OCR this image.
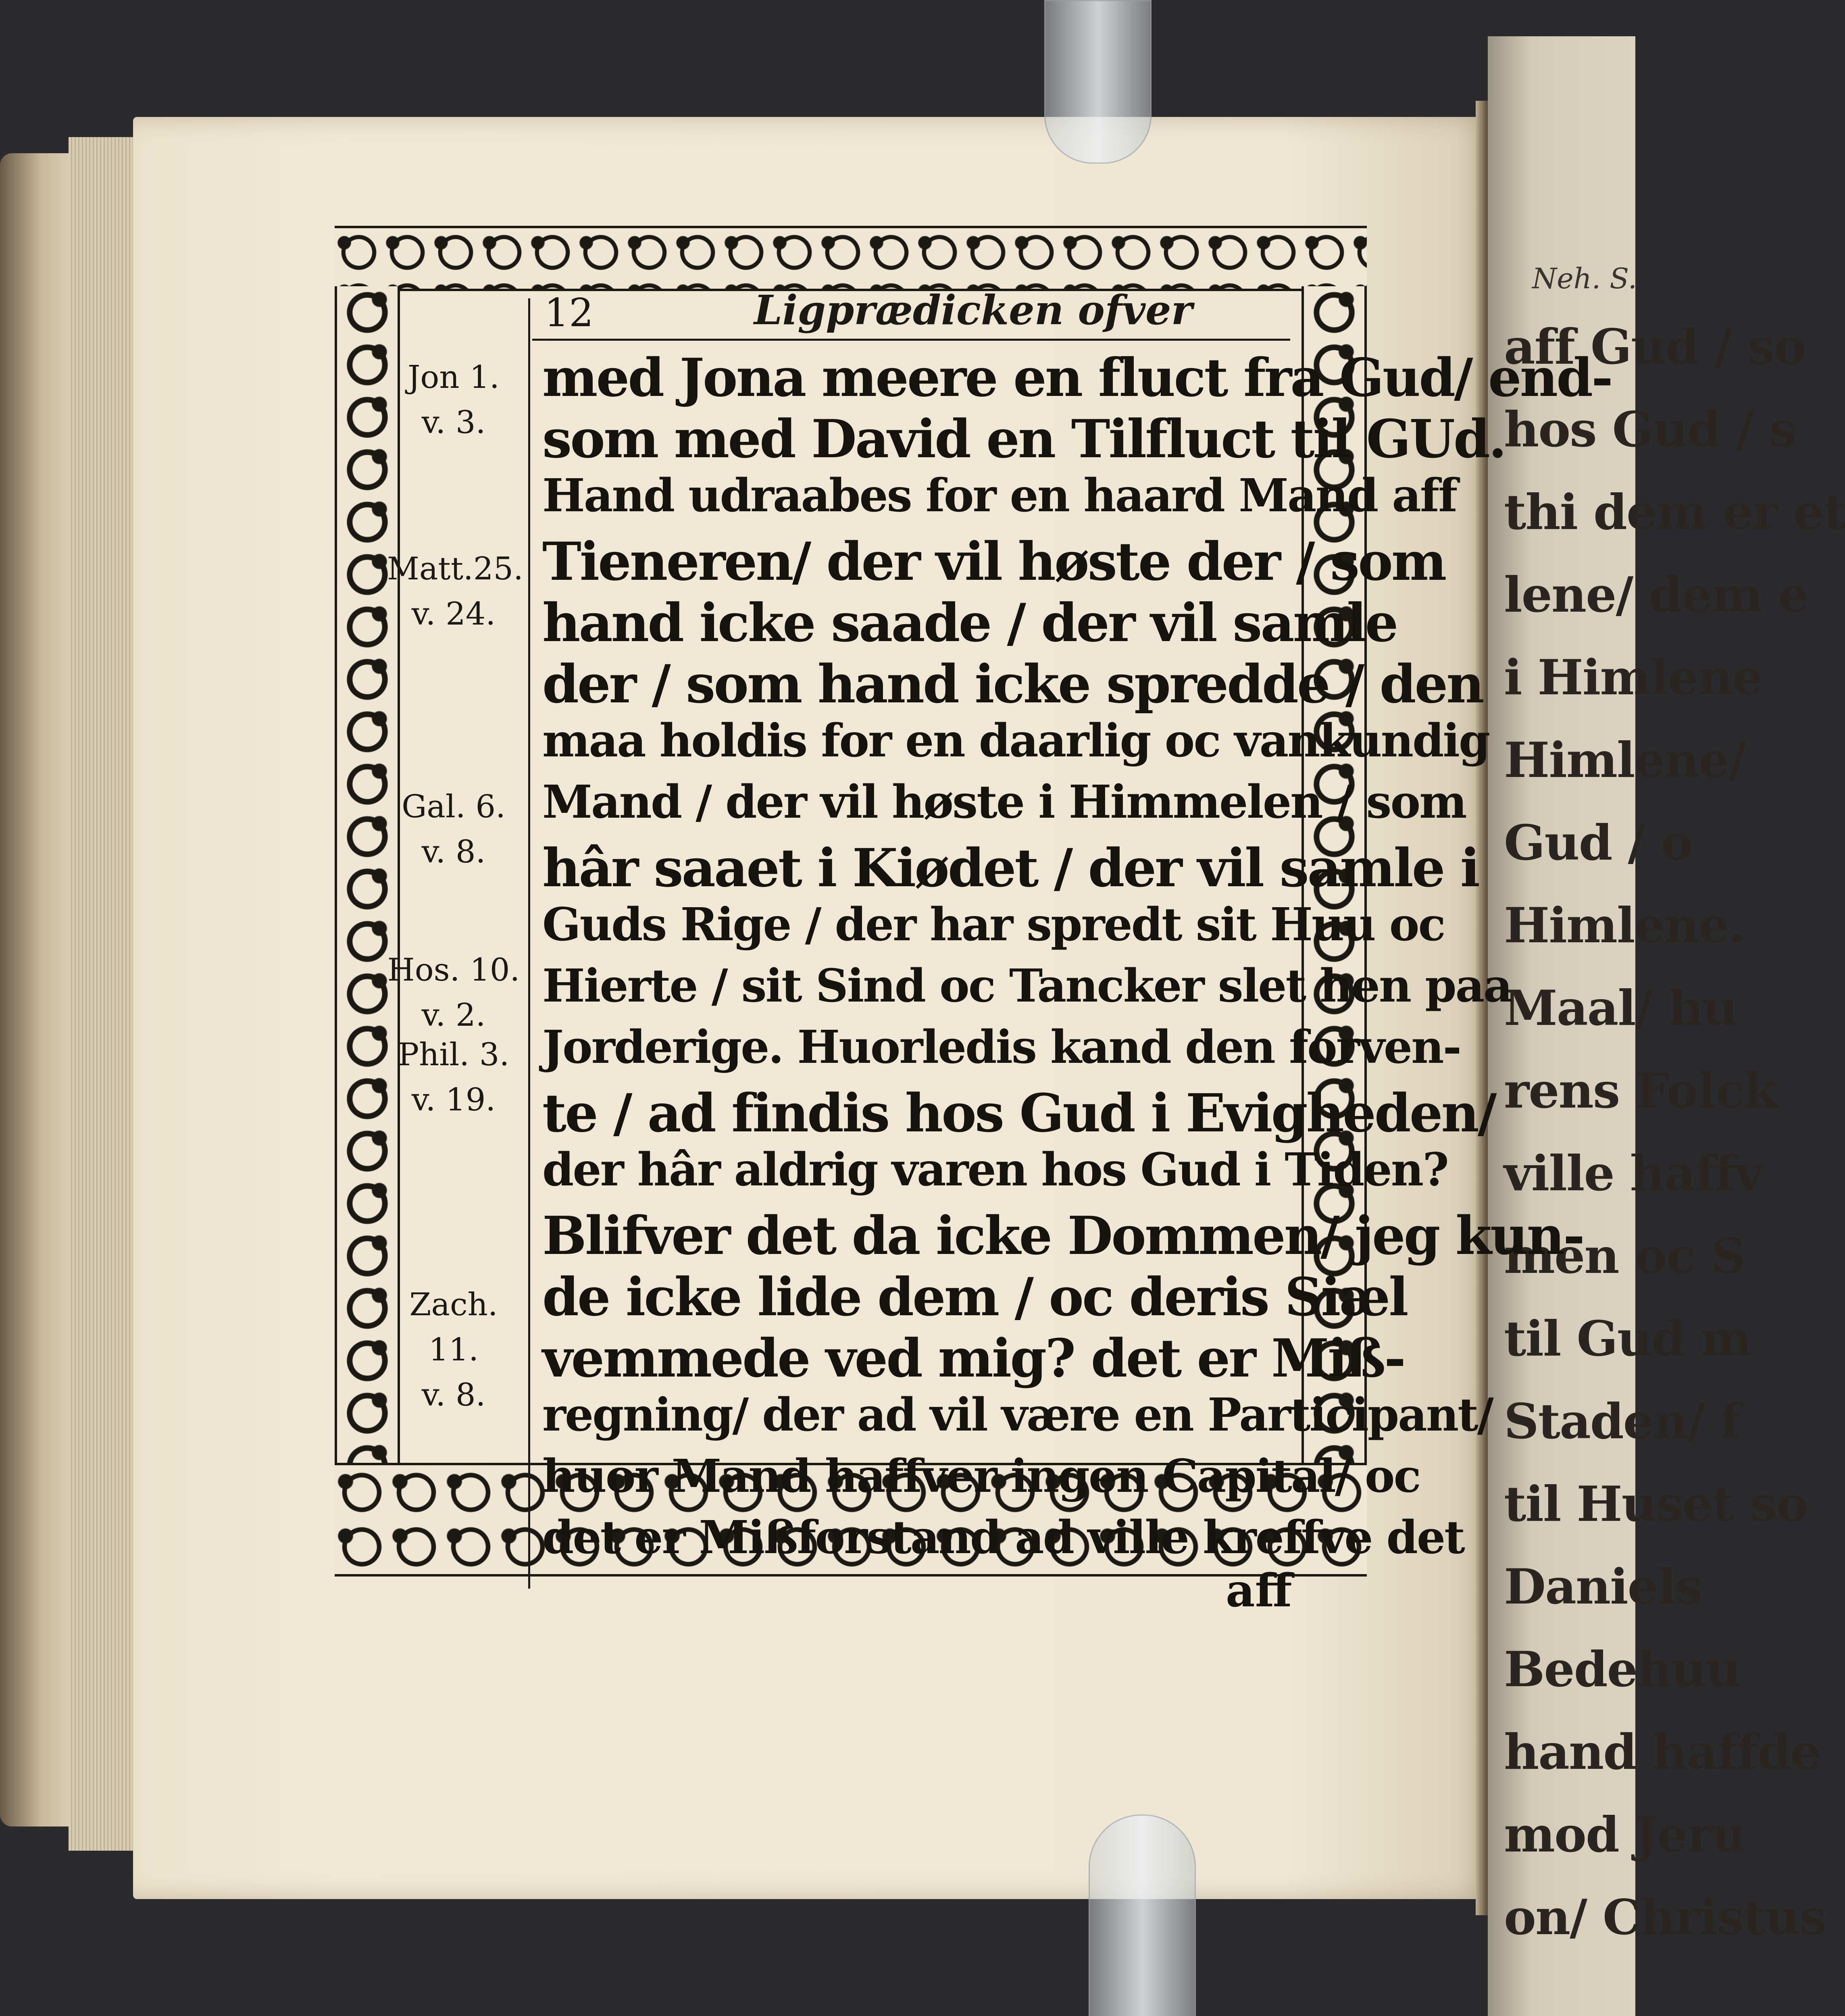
Neh. S.
aff Gud / so
hos Gud / s
thi dem er et
lene/ dem e
i Himlene
Himlene/
Gud / o
Himlene.
Maal/ hu
rens Folck
ville haffv
men oc S
til Gud m
Staden/ f
til Huset so
Daniels
Bedehuu
hand haffde
mod Jeru
on/ Christus
12	Ligprædicken ofver
med Jona meere en fluct fra Gud/ end-
som med David en Tilfluct til GUd.
Hand udraabes for en haard Mand aff
Tieneren/ der vil høste der / som
hand icke saade / der vil samle
der / som hand icke spredde / den
maa holdis for en daarlig oc vankundig
Mand / der vil høste i Himmelen / som
hâr saaet i Kiødet / der vil samle i
Guds Rige / der har spredt sit Huu oc
Hierte / sit Sind oc Tancker slet hen paa
Jorderige. Huorledis kand den forven-
te / ad findis hos Gud i Evigheden/
der hâr aldrig varen hos Gud i Tiden?
Blifver det da icke Dommen/ jeg kun-
de icke lide dem / oc deris Siæl
vemmede ved mig? det er Miß-
regning/ der ad vil være en Participant/
huor Mand haffver ingen Capital/ oc
det er Mißforstand ad ville kreffve det
Jon 1.
v. 3.
Matt.25.
v. 24.
Gal. 6.
v. 8.
Hos. 10.
v. 2.
Phil. 3.
v. 19.
Zach. 11.
v. 8.
aff
